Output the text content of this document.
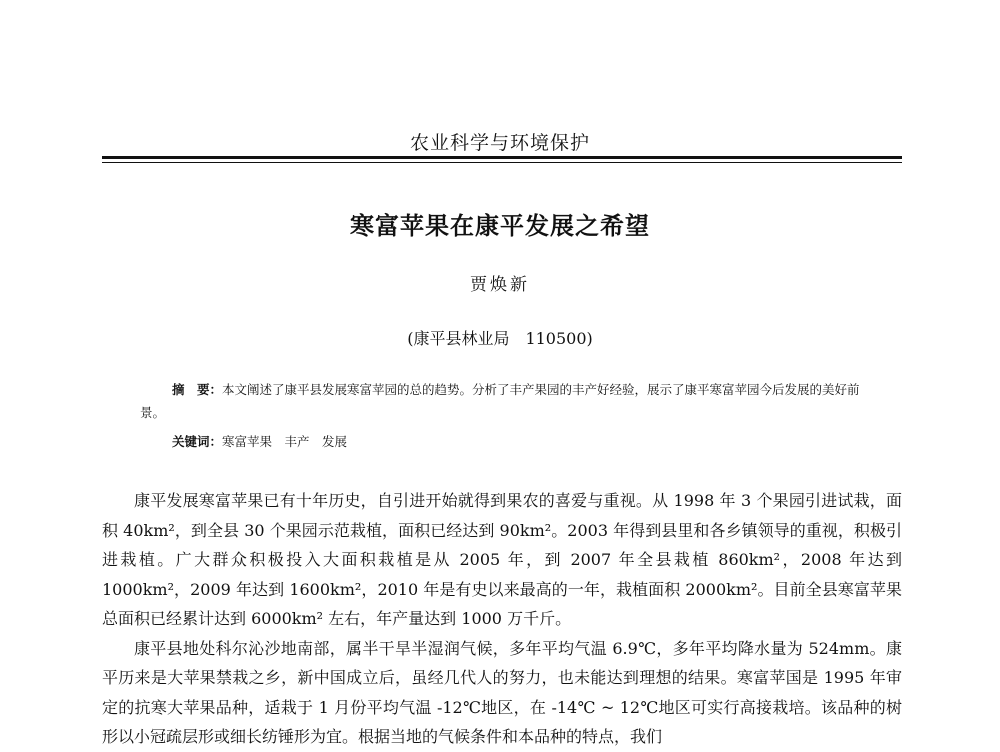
农业科学与环境保护
寒富苹果在康平发展之希望
贾焕新
(康平县林业局　110500)

摘　要：本文阐述了康平县发展寒富苹园的总的趋势。分析了丰产果园的丰产好经验，展示了康平寒富苹园今后发展的美好前景。

关键词：寒富苹果　丰产　发展

康平发展寒富苹果已有十年历史，自引进开始就得到果农的喜爱与重视。从 1998 年 3 个果园引进试栽，面积 40km²，到全县 30 个果园示范栽植，面积已经达到 90km²。2003 年得到县里和各乡镇领导的重视，积极引进栽植。广大群众积极投入大面积栽植是从 2005 年，到 2007 年全县栽植 860km²，2008 年达到 1000km²，2009 年达到 1600km²，2010 年是有史以来最高的一年，栽植面积 2000km²。目前全县寒富苹果总面积已经累计达到 6000km² 左右，年产量达到 1000 万千斤。

康平县地处科尔沁沙地南部，属半干旱半湿润气候，多年平均气温 6.9℃，多年平均降水量为 524mm。康平历来是大苹果禁栽之乡，新中国成立后，虽经几代人的努力，也未能达到理想的结果。寒富苹国是 1995 年审定的抗寒大苹果品种，适栽于 1 月份平均气温 -12℃地区，在 -14℃ ~ 12℃地区可实行高接栽培。该品种的树形以小冠疏层形或细长纺锤形为宜。根据当地的气候条件和本品种的特点，我们
